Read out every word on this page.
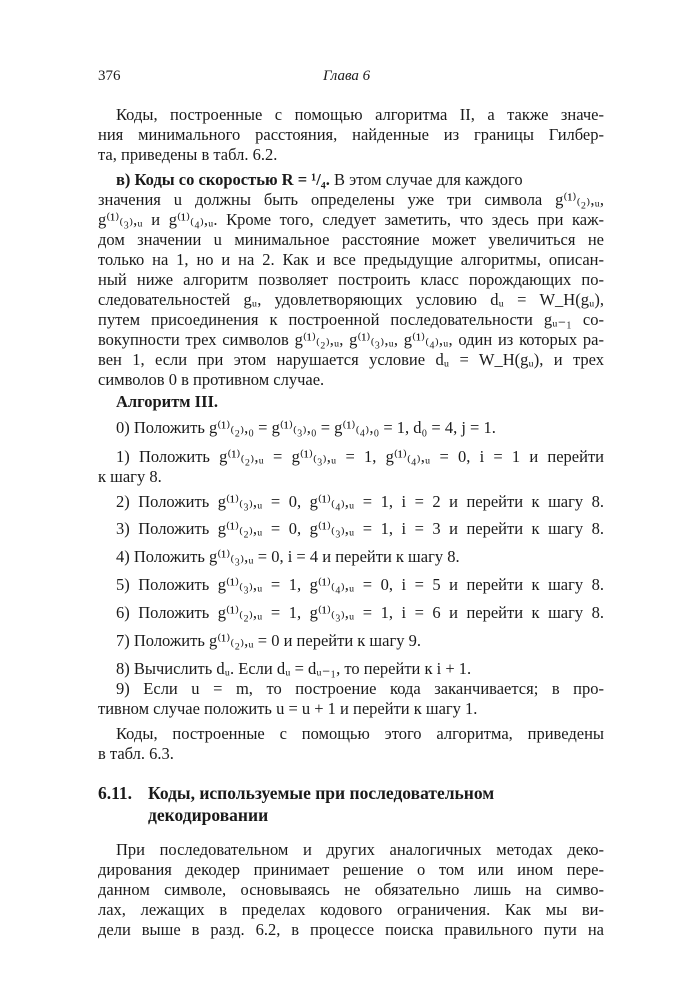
376	Глава 6
Коды, построенные с помощью алгоритма II, а также значе-
ния минимального расстояния, найденные из границы Гилбер-
та, приведены в табл. 6.2.
в) Коды со скоростью R = ¹/₄. В этом случае для каждого
значения u должны быть определены уже три символа g⁽¹⁾₍₂₎,ᵤ,
g⁽¹⁾₍₃₎,ᵤ и g⁽¹⁾₍₄₎,ᵤ. Кроме того, следует заметить, что здесь при каж-
дом значении u минимальное расстояние может увеличиться не
только на 1, но и на 2. Как и все предыдущие алгоритмы, описан-
ный ниже алгоритм позволяет построить класс порождающих по-
следовательностей gᵤ, удовлетворяющих условию dᵤ = W_H(gᵤ),
путем присоединения к построенной последовательности gᵤ₋₁ со-
вокупности трех символов g⁽¹⁾₍₂₎,ᵤ, g⁽¹⁾₍₃₎,ᵤ, g⁽¹⁾₍₄₎,ᵤ, один из которых ра-
вен 1, если при этом нарушается условие dᵤ = W_H(gᵤ), и трех
символов 0 в противном случае.
Алгоритм III.
0) Положить g⁽¹⁾₍₂₎,₀ = g⁽¹⁾₍₃₎,₀ = g⁽¹⁾₍₄₎,₀ = 1, d₀ = 4, j = 1.
1) Положить g⁽¹⁾₍₂₎,ᵤ = g⁽¹⁾₍₃₎,ᵤ = 1, g⁽¹⁾₍₄₎,ᵤ = 0, i = 1 и перейти
к шагу 8.
2) Положить g⁽¹⁾₍₃₎,ᵤ = 0, g⁽¹⁾₍₄₎,ᵤ = 1, i = 2 и перейти к шагу 8.
3) Положить g⁽¹⁾₍₂₎,ᵤ = 0, g⁽¹⁾₍₃₎,ᵤ = 1, i = 3 и перейти к шагу 8.
4) Положить g⁽¹⁾₍₃₎,ᵤ = 0, i = 4 и перейти к шагу 8.
5) Положить g⁽¹⁾₍₃₎,ᵤ = 1, g⁽¹⁾₍₄₎,ᵤ = 0, i = 5 и перейти к шагу 8.
6) Положить g⁽¹⁾₍₂₎,ᵤ = 1, g⁽¹⁾₍₃₎,ᵤ = 1, i = 6 и перейти к шагу 8.
7) Положить g⁽¹⁾₍₂₎,ᵤ = 0 и перейти к шагу 9.
8) Вычислить dᵤ. Если dᵤ = dᵤ₋₁, то перейти к i + 1.
9) Если u = m, то построение кода заканчивается; в про-
тивном случае положить u = u + 1 и перейти к шагу 1.
Коды, построенные с помощью этого алгоритма, приведены
в табл. 6.3.
6.11. Коды, используемые при последовательном
декодировании
При последовательном и других аналогичных методах деко-
дирования декодер принимает решение о том или ином пере-
данном символе, основываясь не обязательно лишь на симво-
лах, лежащих в пределах кодового ограничения. Как мы ви-
дели выше в разд. 6.2, в процессе поиска правильного пути на
